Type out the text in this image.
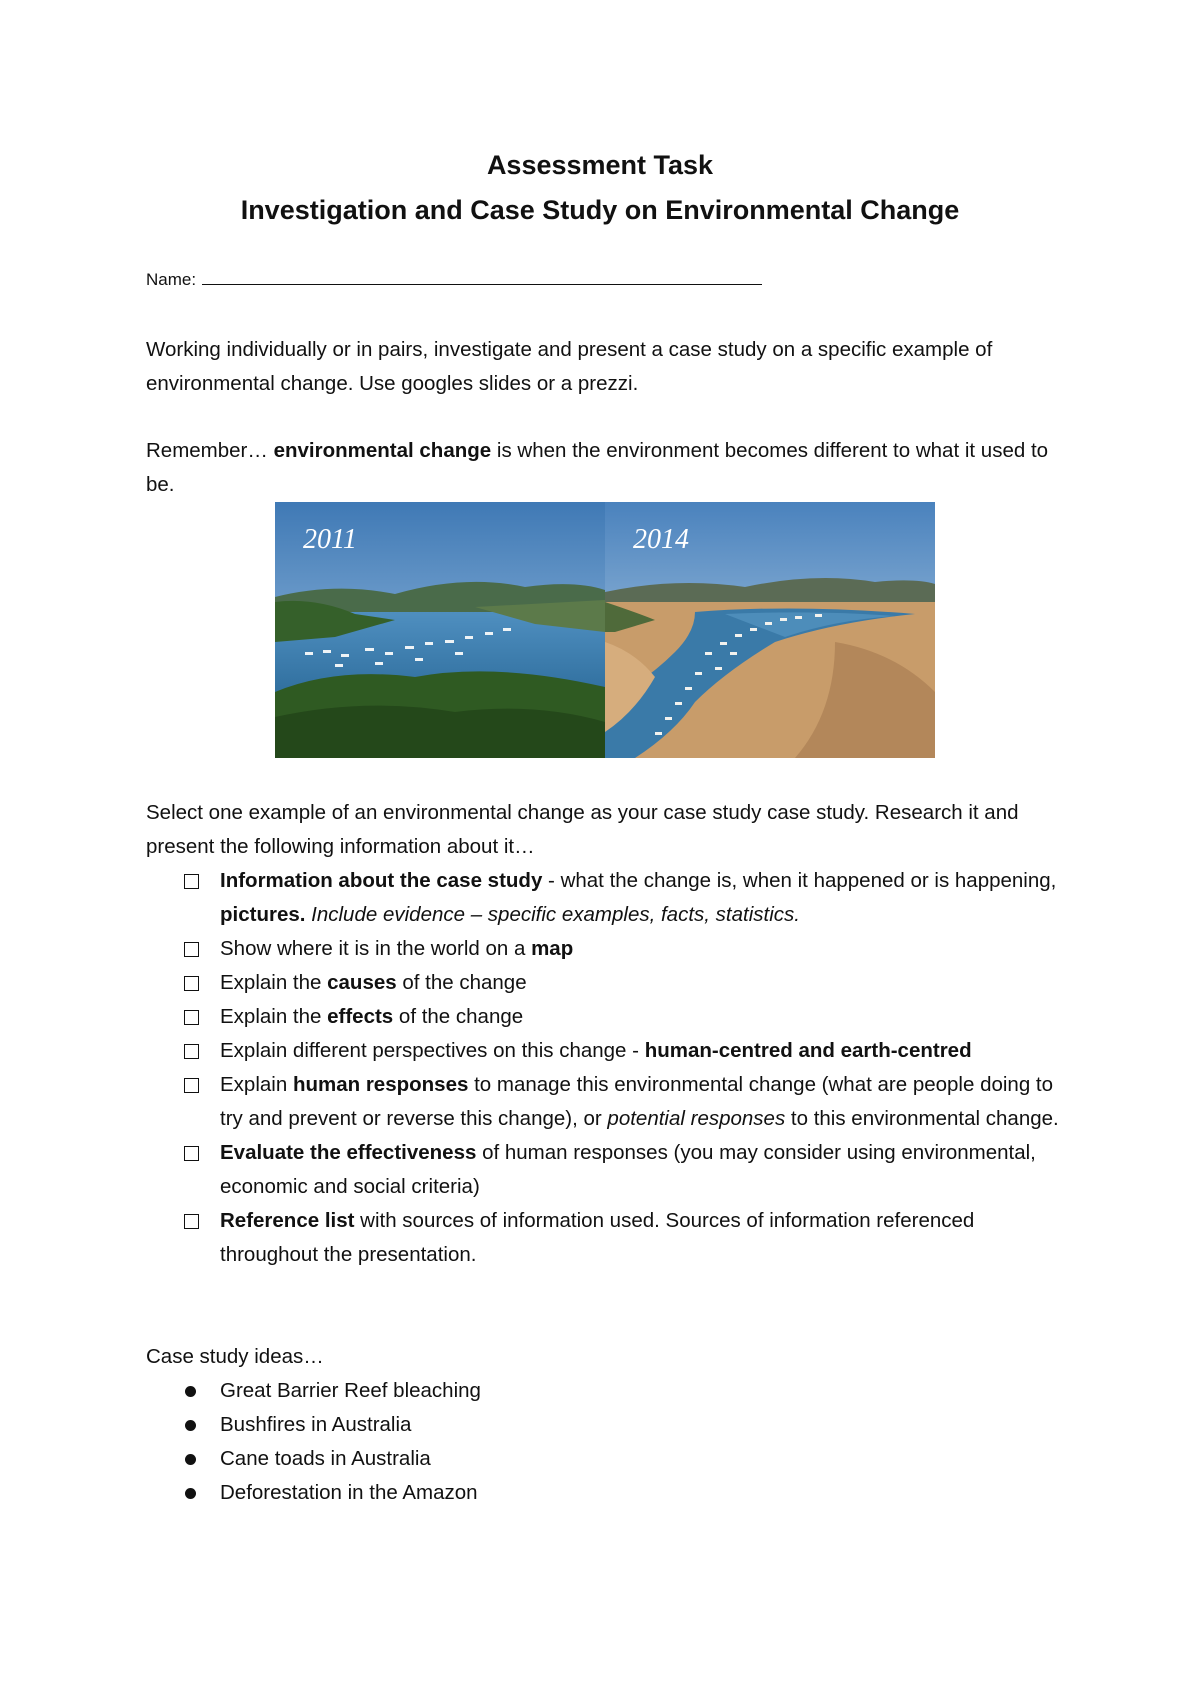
Assessment Task
Investigation and Case Study on Environmental Change
Name:
Working individually or in pairs, investigate and present a case study on a specific example of environmental change. Use googles slides or a prezzi.
Remember… environmental change is when the environment becomes different to what it used to be.
2011	2014
Select one example of an environmental change as your case study case study. Research it and present the following information about it…
Information about the case study - what the change is, when it happened or is happening, pictures. Include evidence – specific examples, facts, statistics.
Show where it is in the world on a map
Explain the causes of the change
Explain the effects of the change
Explain different perspectives on this change - human-centred and earth-centred
Explain human responses to manage this environmental change (what are people doing to try and prevent or reverse this change), or potential responses to this environmental change.
Evaluate the effectiveness of human responses (you may consider using environmental, economic and social criteria)
Reference list with sources of information used. Sources of information referenced throughout the presentation.
Case study ideas…
Great Barrier Reef bleaching
Bushfires in Australia
Cane toads in Australia
Deforestation in the Amazon
